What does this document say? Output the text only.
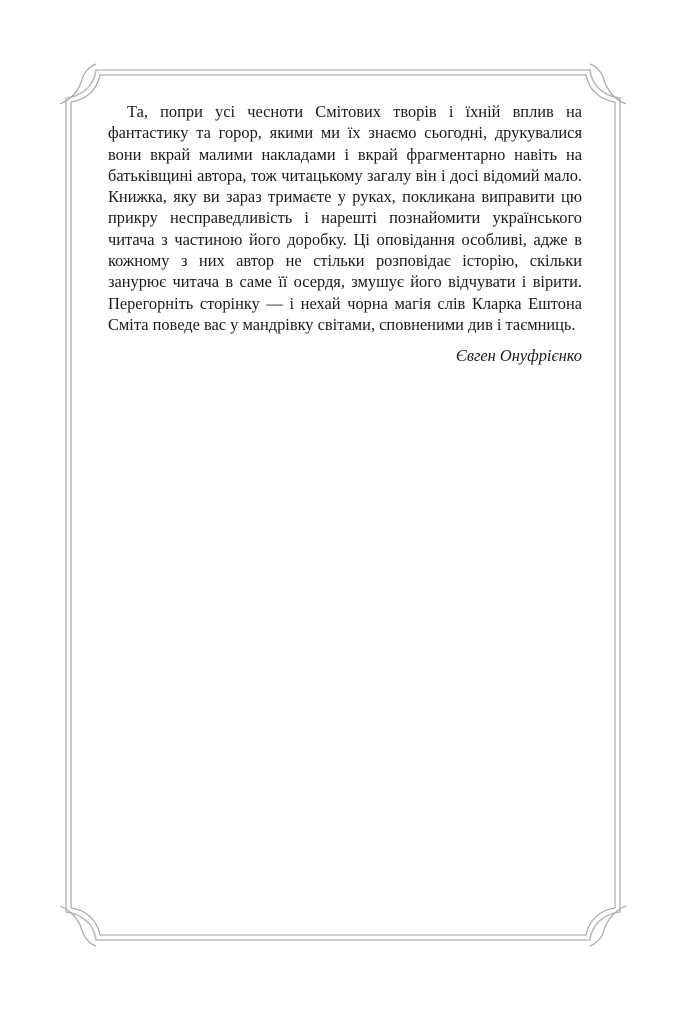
Та, попри усі чесноти Смітових творів і їхній вплив на фантастику та горор, якими ми їх знаємо сьогодні, друкувалися вони вкрай малими накладами і вкрай фрагментарно навіть на батьківщині автора, тож читацькому загалу він і досі відомий мало. Книжка, яку ви зараз тримаєте у руках, покликана виправити цю прикру несправедливість і нарешті познайомити українського читача з частиною його доробку. Ці оповідання особливі, адже в кожному з них автор не стільки розповідає історію, скільки занурює читача в саме її осердя, змушує його відчувати і вірити. Перегорніть сторінку — і нехай чорна магія слів Кларка Ештона Сміта поведе вас у мандрівку світами, сповненими див і таємниць.

Євген Онуфрієнко
